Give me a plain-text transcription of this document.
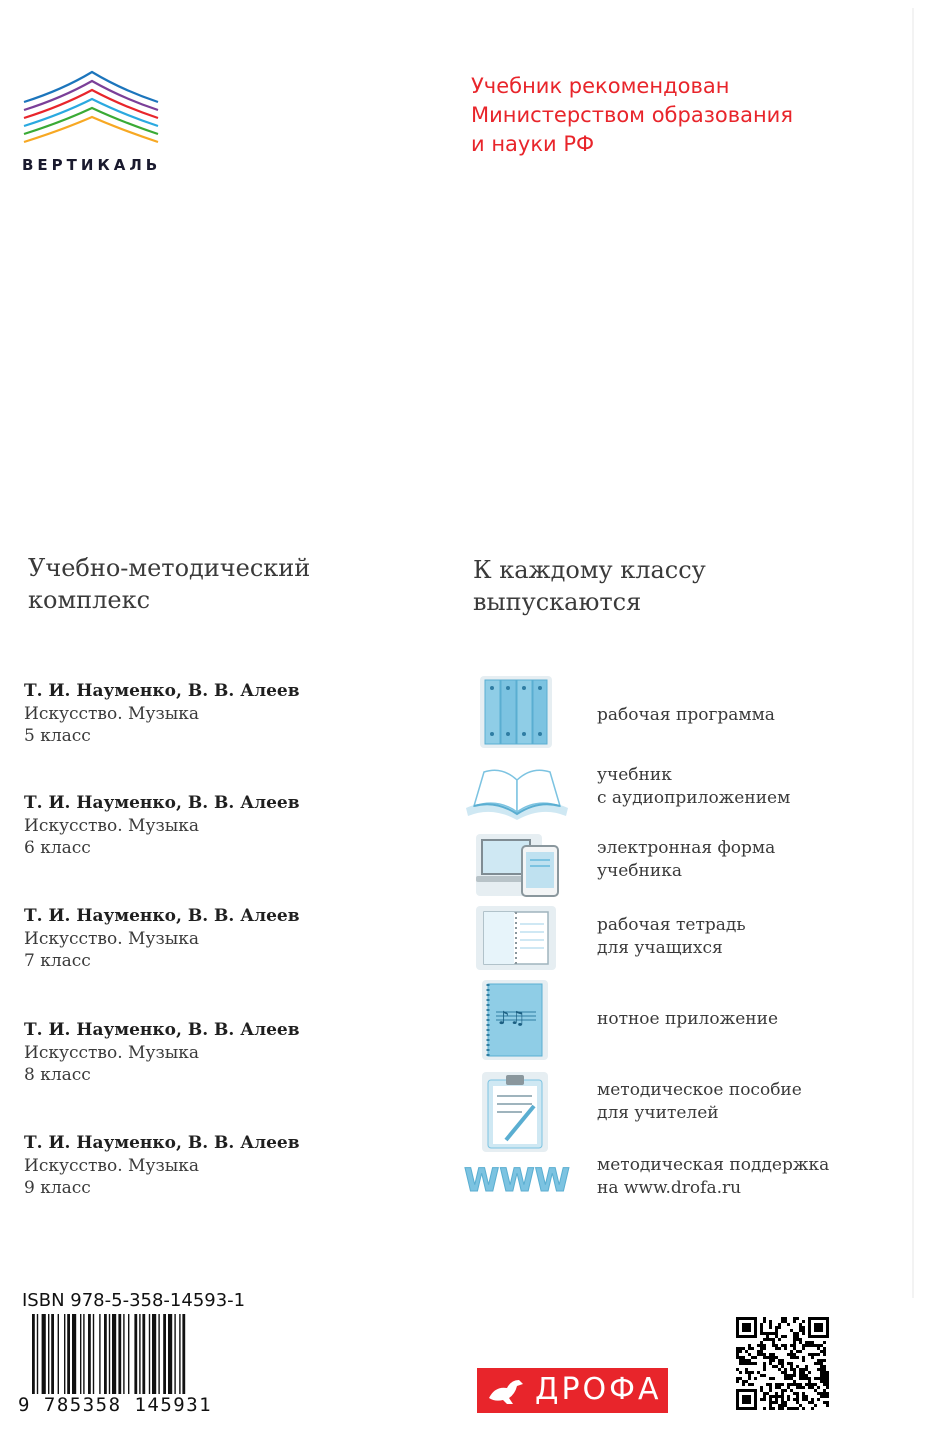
ВЕРТИКАЛЬ
Учебник рекомендован
Министерством образования
и науки РФ
Учебно-методический
комплекс
К каждому классу
выпускаются
Т. И. Науменко, В. В. Алеев
Искусство. Музыка
5 класс
Т. И. Науменко, В. В. Алеев
Искусство. Музыка
6 класс
Т. И. Науменко, В. В. Алеев
Искусство. Музыка
7 класс
Т. И. Науменко, В. В. Алеев
Искусство. Музыка
8 класс
Т. И. Науменко, В. В. Алеев
Искусство. Музыка
9 класс
♪♫
WWW
рабочая программа
учебник
с аудиоприложением
электронная форма
учебника
рабочая тетрадь
для учащихся
нотное приложение
методическое пособие
для учителей
методическая поддержка
на www.drofa.ru
ISBN 978-5-358-14593-1
9 785358 145931	ДРОФА
